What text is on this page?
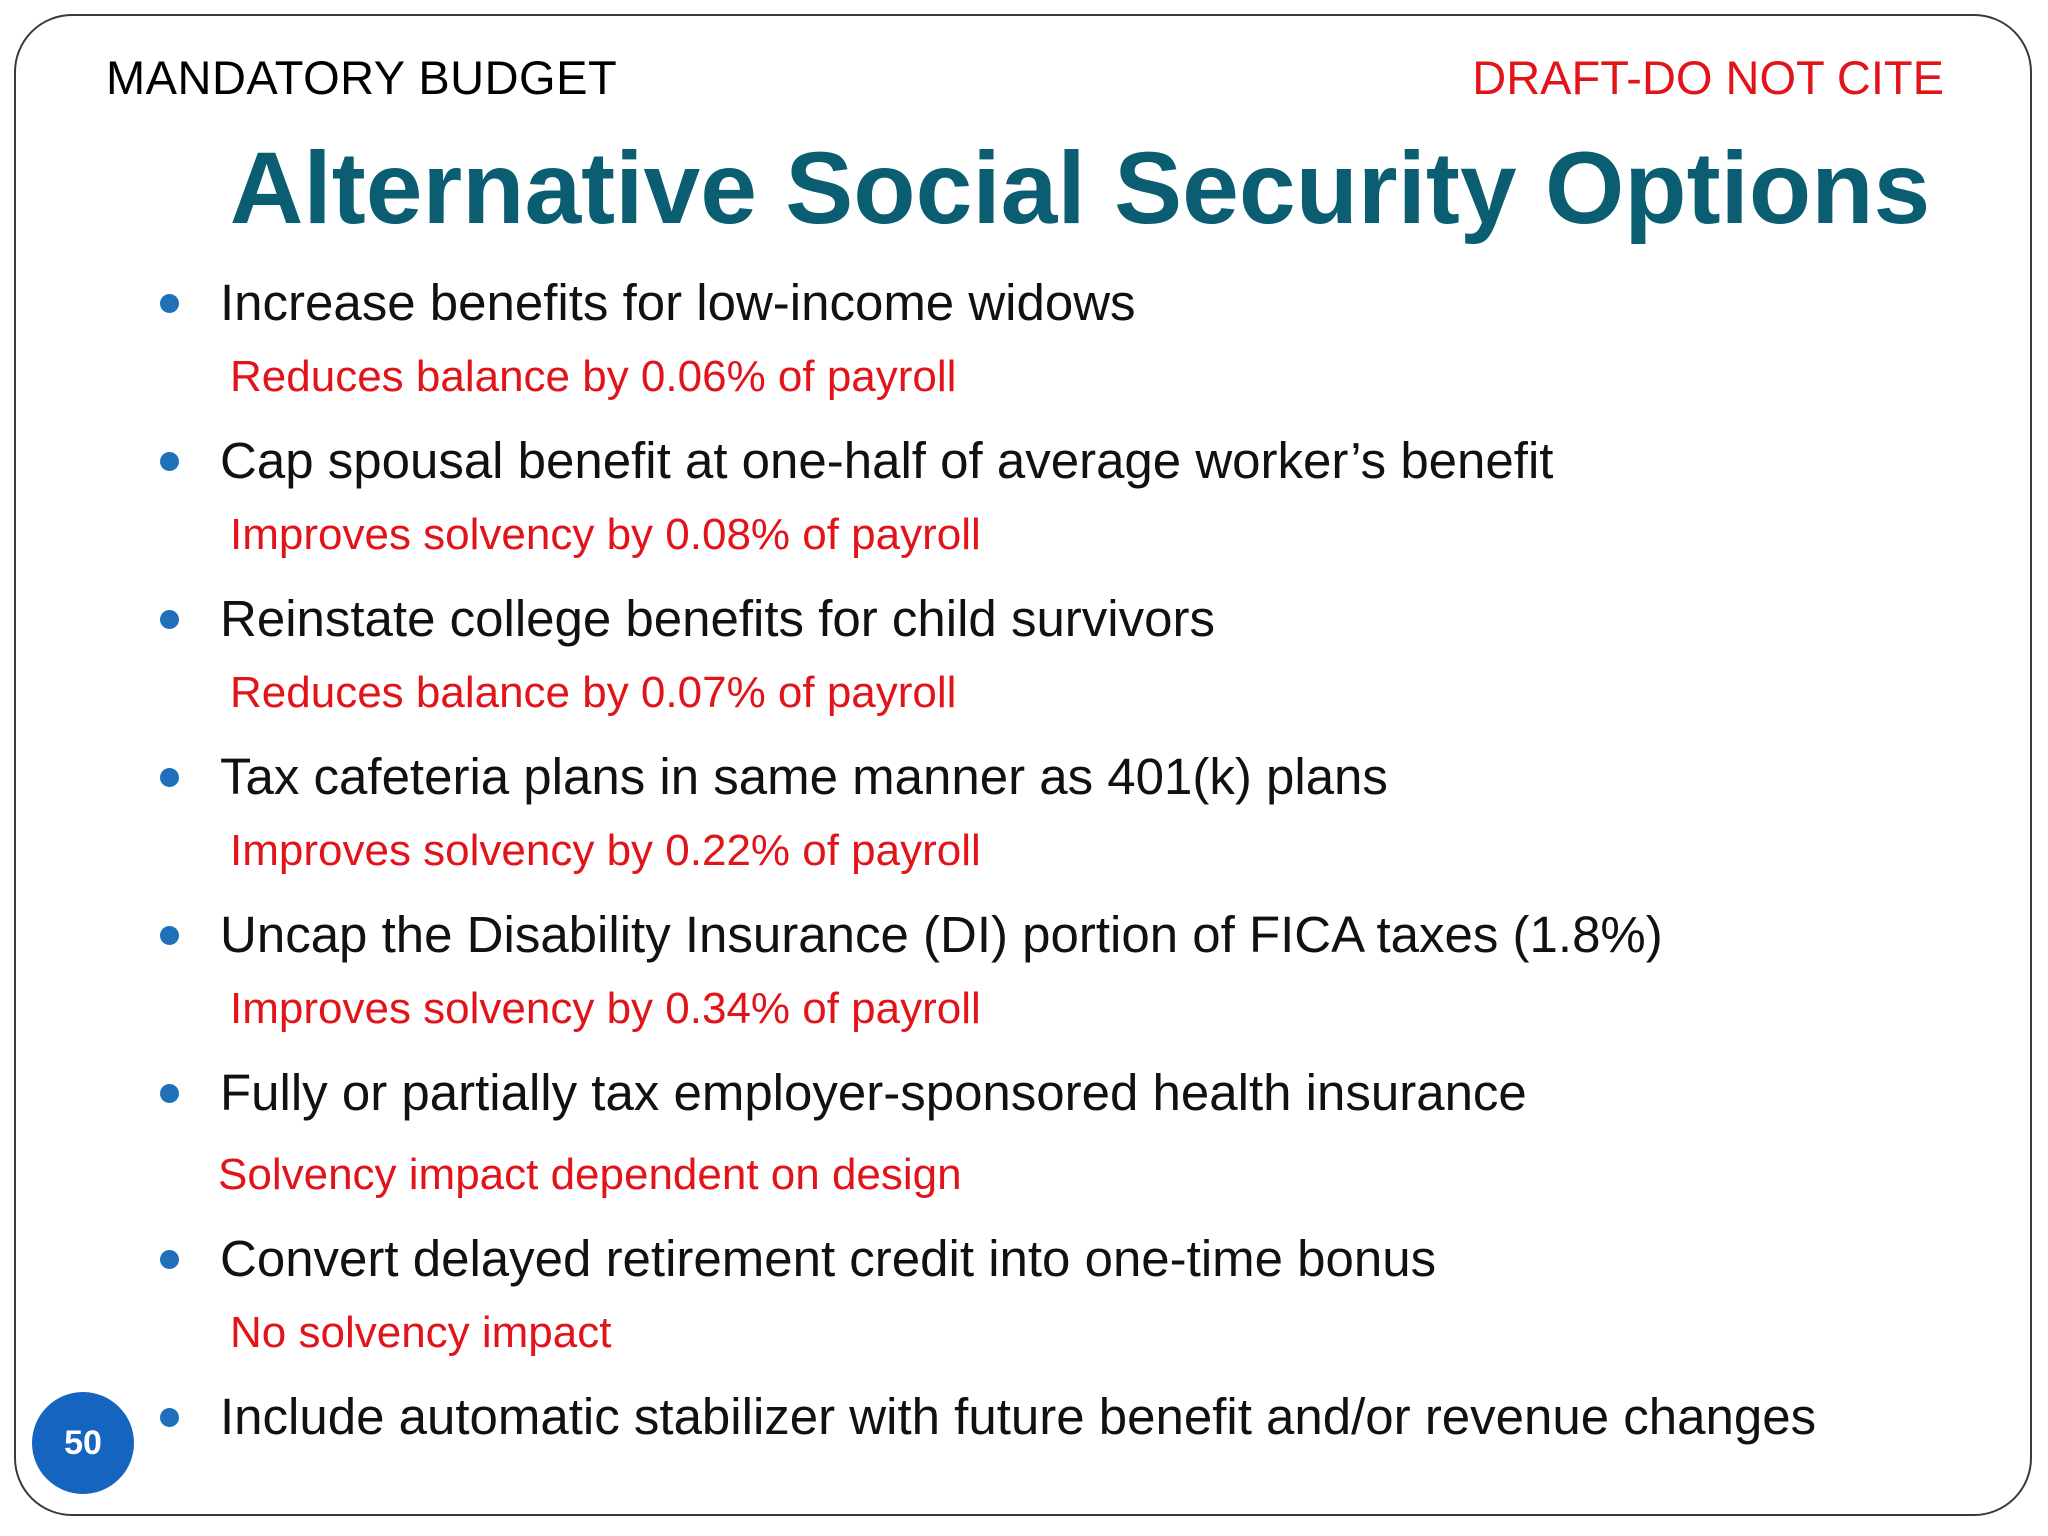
MANDATORY BUDGET	DRAFT-DO NOT CITE
Alternative Social Security Options
Increase benefits for low-income widows
Reduces balance by 0.06% of payroll
Cap spousal benefit at one-half of average worker’s benefit
Improves solvency by 0.08% of payroll
Reinstate college benefits for child survivors
Reduces balance by 0.07% of payroll
Tax cafeteria plans in same manner as 401(k) plans
Improves solvency by 0.22% of payroll
Uncap the Disability Insurance (DI) portion of FICA taxes (1.8%)
Improves solvency by 0.34% of payroll
Fully or partially tax employer-sponsored health insurance
Solvency impact dependent on design
Convert delayed retirement credit into one-time bonus
No solvency impact
Include automatic stabilizer with future benefit and/or revenue changes
50
